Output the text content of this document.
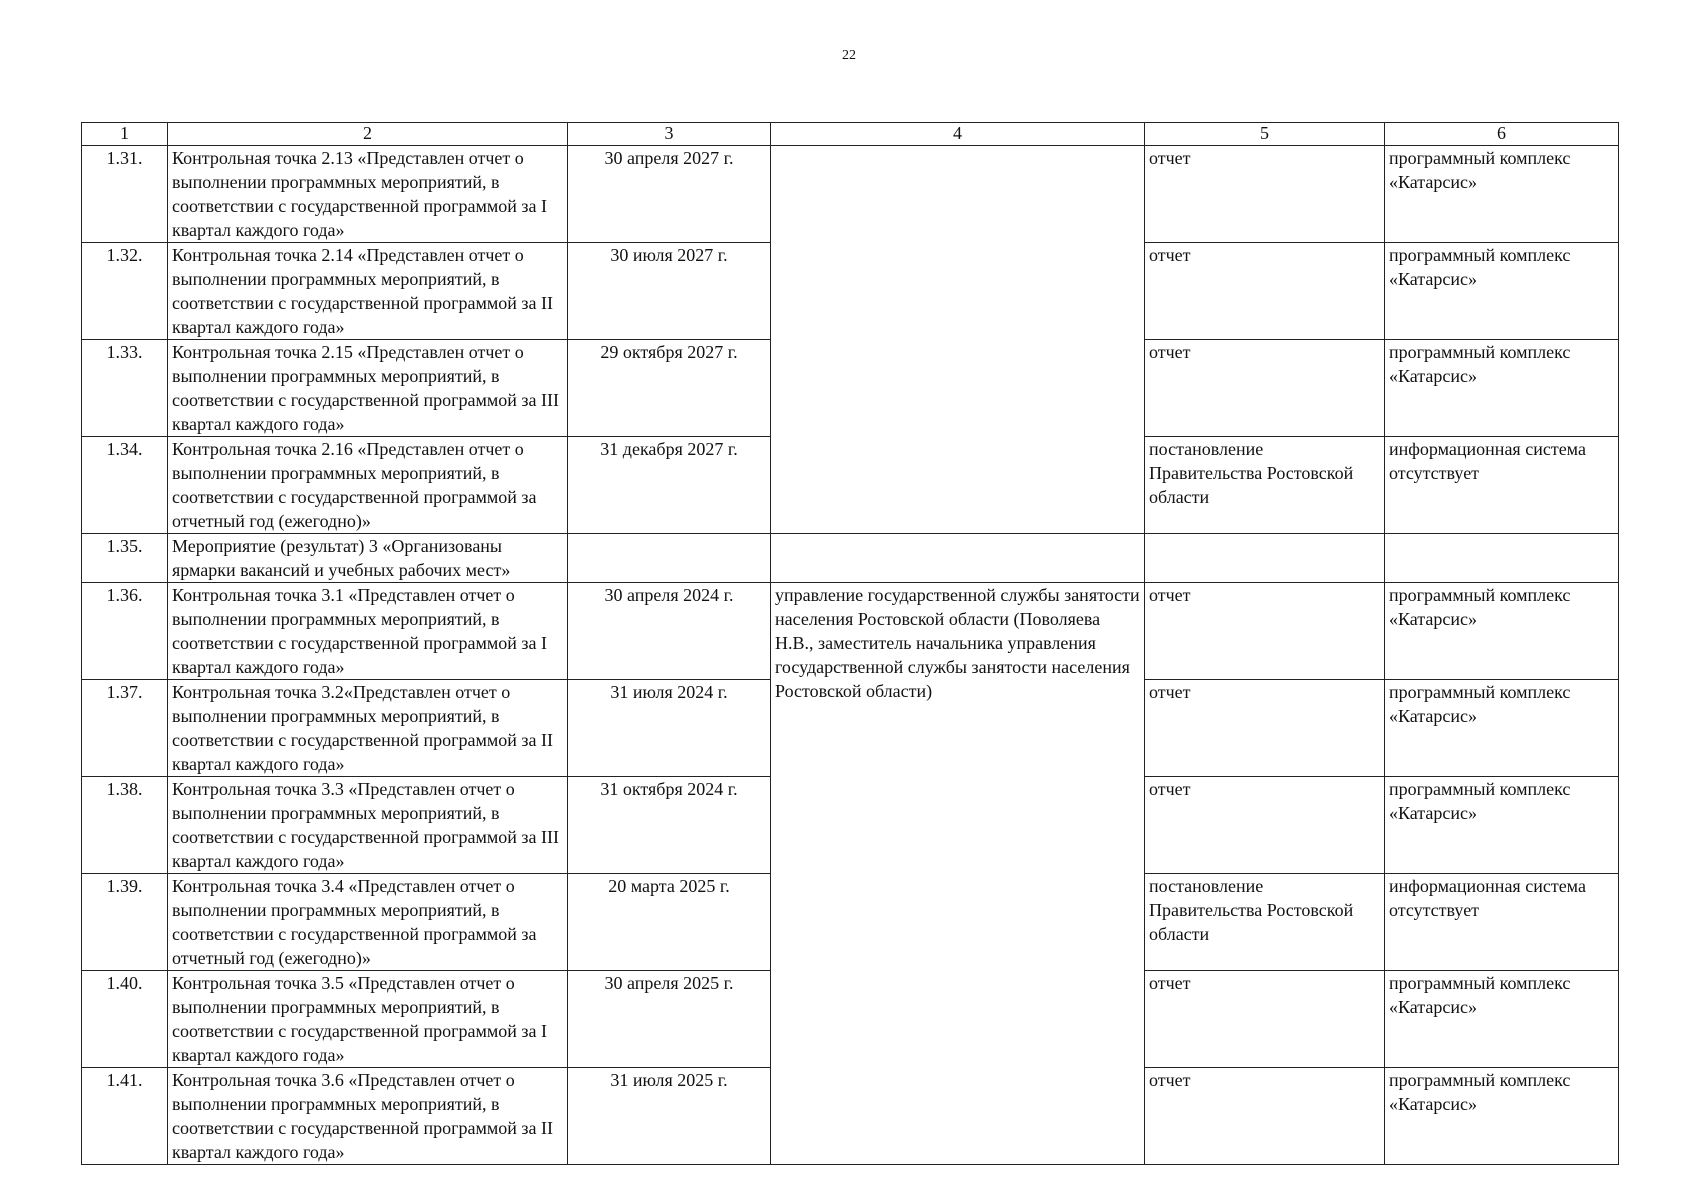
22
1	2	3	4	5	6
1.31.	Контрольная точка 2.13 «Представлен отчет о выполнении программных мероприятий, в соответствии с государственной программой за I квартал каждого года»	30 апреля 2027 г.		отчет	программный комплекс «Катарсис»
1.32.	Контрольная точка 2.14 «Представлен отчет о выполнении программных мероприятий, в соответствии с государственной программой за II квартал каждого года»	30 июля 2027 г.		отчет	программный комплекс «Катарсис»
1.33.	Контрольная точка 2.15 «Представлен отчет о выполнении программных мероприятий, в соответствии с государственной программой за III квартал каждого года»	29 октября 2027 г.		отчет	программный комплекс «Катарсис»
1.34.	Контрольная точка 2.16 «Представлен отчет о выполнении программных мероприятий, в соответствии с государственной программой за отчетный год (ежегодно)»	31 декабря 2027 г.		постановление Правительства Ростовской области	информационная система отсутствует
1.35.	Мероприятие (результат) 3 «Организованы ярмарки вакансий и учебных рабочих мест»				
1.36.	Контрольная точка 3.1 «Представлен отчет о выполнении программных мероприятий, в соответствии с государственной программой за I квартал каждого года»	30 апреля 2024 г.	управление государственной службы занятости населения Ростовской области (Поволяева Н.В., заместитель начальника управления государственной службы занятости населения Ростовской области)	отчет	программный комплекс «Катарсис»
1.37.	Контрольная точка 3.2«Представлен отчет о выполнении программных мероприятий, в соответствии с государственной программой за II квартал каждого года»	31 июля 2024 г.		отчет	программный комплекс «Катарсис»
1.38.	Контрольная точка 3.3 «Представлен отчет о выполнении программных мероприятий, в соответствии с государственной программой за III квартал каждого года»	31 октября 2024 г.		отчет	программный комплекс «Катарсис»
1.39.	Контрольная точка 3.4 «Представлен отчет о выполнении программных мероприятий, в соответствии с государственной программой за отчетный год (ежегодно)»	20 марта 2025 г.		постановление Правительства Ростовской области	информационная система отсутствует
1.40.	Контрольная точка 3.5 «Представлен отчет о выполнении программных мероприятий, в соответствии с государственной программой за I квартал каждого года»	30 апреля 2025 г.		отчет	программный комплекс «Катарсис»
1.41.	Контрольная точка 3.6 «Представлен отчет о выполнении программных мероприятий, в соответствии с государственной программой за II квартал каждого года»	31 июля 2025 г.		отчет	программный комплекс «Катарсис»
